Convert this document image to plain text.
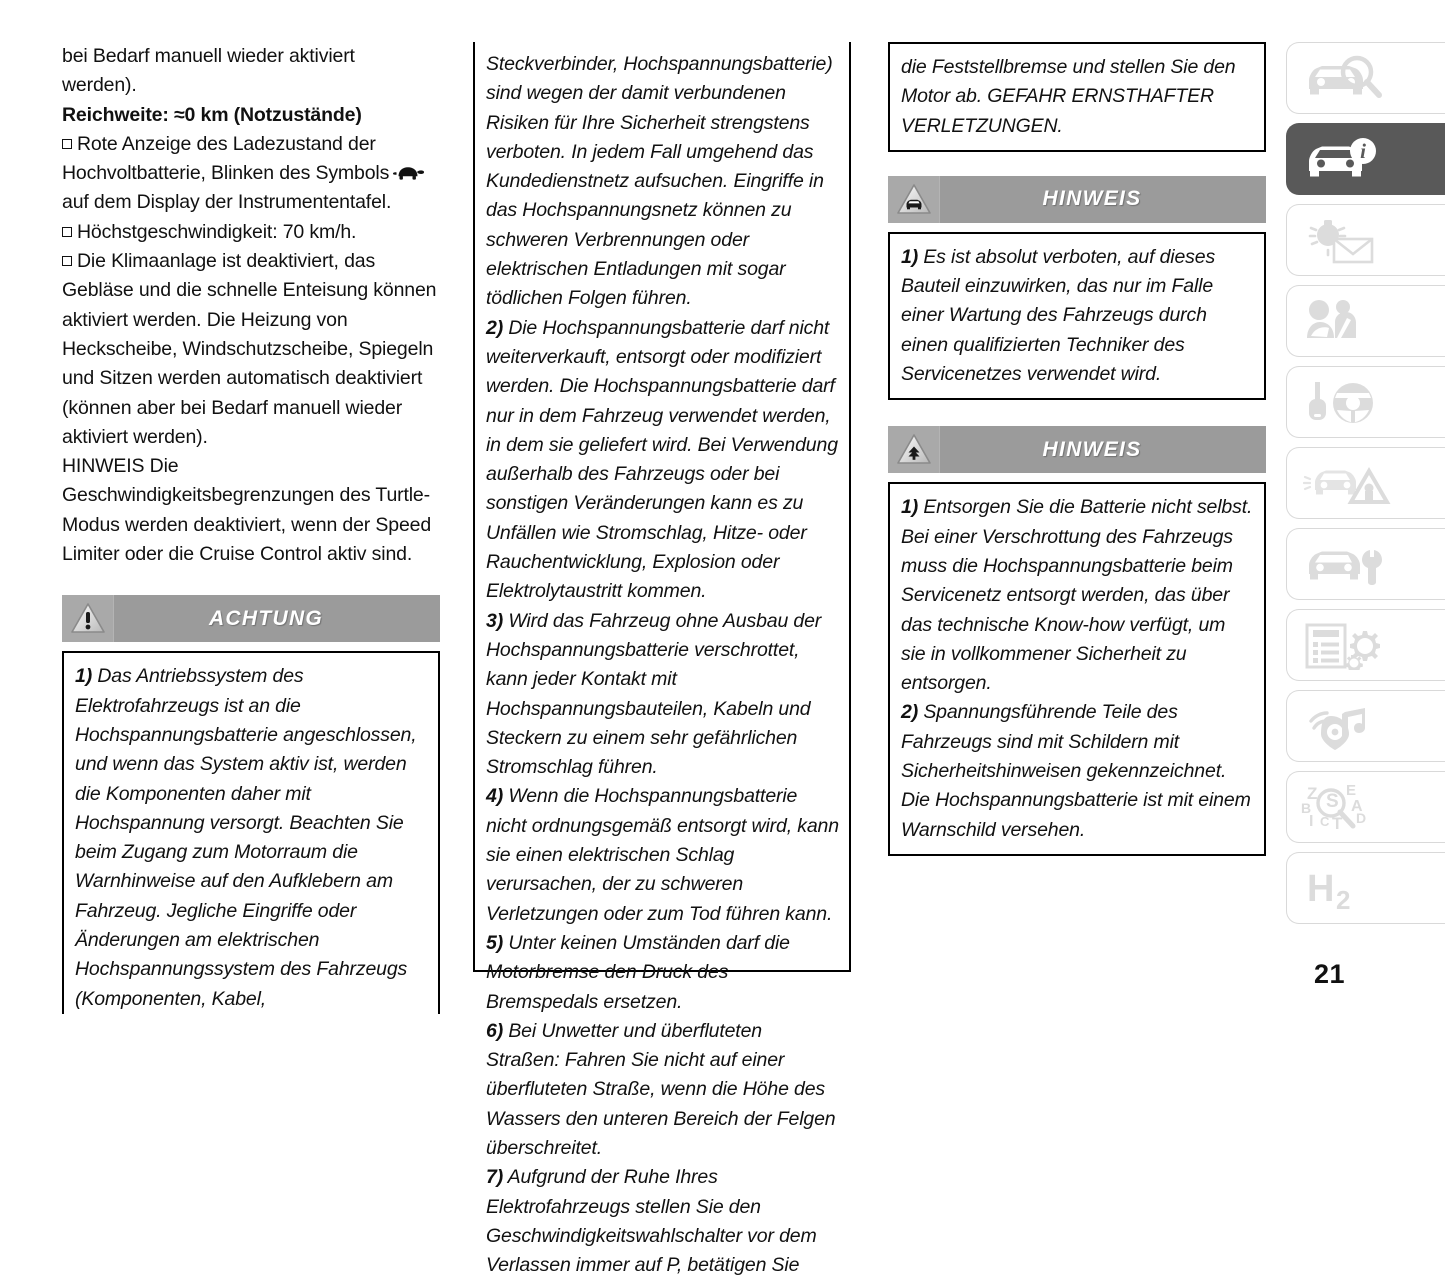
bei Bedarf manuell wieder aktiviert
werden).

Reichweite: ≈0 km (Notzustände)

Rote Anzeige des Ladezustand der Hochvoltbatterie, Blinken des Symbols auf dem Display der Instrumententafel.

Höchstgeschwindigkeit: 70 km/h.

Die Klimaanlage ist deaktiviert, das Gebläse und die schnelle Enteisung können aktiviert werden. Die Heizung von Heckscheibe, Windschutzscheibe, Spiegeln und Sitzen werden automatisch deaktiviert (können aber bei Bedarf manuell wieder aktiviert werden).

HINWEIS Die Geschwindigkeitsbegrenzungen des Turtle-Modus werden deaktiviert, wenn der Speed Limiter oder die Cruise Control aktiv sind.

ACHTUNG

1) Das Antriebssystem des Elektrofahrzeugs ist an die Hochspannungsbatterie angeschlossen, und wenn das System aktiv ist, werden die Komponenten daher mit Hochspannung versorgt. Beachten Sie beim Zugang zum Motorraum die Warnhinweise auf den Aufklebern am Fahrzeug. Jegliche Eingriffe oder Änderungen am elektrischen Hochspannungssystem des Fahrzeugs (Komponenten, Kabel,

Steckverbinder, Hochspannungsbatterie) sind wegen der damit verbundenen Risiken für Ihre Sicherheit strengstens verboten. In jedem Fall umgehend das Kundedienstnetz aufsuchen. Eingriffe in das Hochspannungsnetz können zu schweren Verbrennungen oder elektrischen Entladungen mit sogar tödlichen Folgen führen.

2) Die Hochspannungsbatterie darf nicht weiterverkauft, entsorgt oder modifiziert werden. Die Hochspannungsbatterie darf nur in dem Fahrzeug verwendet werden, in dem sie geliefert wird. Bei Verwendung außerhalb des Fahrzeugs oder bei sonstigen Veränderungen kann es zu Unfällen wie Stromschlag, Hitze- oder Rauchentwicklung, Explosion oder Elektrolytaustritt kommen.

3) Wird das Fahrzeug ohne Ausbau der Hochspannungsbatterie verschrottet, kann jeder Kontakt mit Hochspannungsbauteilen, Kabeln und Steckern zu einem sehr gefährlichen Stromschlag führen.

4) Wenn die Hochspannungsbatterie nicht ordnungsgemäß entsorgt wird, kann sie einen elektrischen Schlag verursachen, der zu schweren Verletzungen oder zum Tod führen kann.

5) Unter keinen Umständen darf die Motorbremse den Druck des Bremspedals ersetzen.

6) Bei Unwetter und überfluteten Straßen: Fahren Sie nicht auf einer überfluteten Straße, wenn die Höhe des Wassers den unteren Bereich der Felgen überschreitet.

7) Aufgrund der Ruhe Ihres Elektrofahrzeugs stellen Sie den Geschwindigkeitswahlschalter vor dem Verlassen immer auf P, betätigen Sie

die Feststellbremse und stellen Sie den Motor ab. GEFAHR ERNSTHAFTER VERLETZUNGEN.

HINWEIS

1) Es ist absolut verboten, auf dieses Bauteil einzuwirken, das nur im Falle einer Wartung des Fahrzeugs durch einen qualifizierten Techniker des Servicenetzes verwendet wird.

HINWEIS

1) Entsorgen Sie die Batterie nicht selbst. Bei einer Verschrottung des Fahrzeugs muss die Hochspannungsbatterie beim Servicenetz entsorgt werden, das über das technische Know-how verfügt, um sie in vollkommener Sicherheit zu entsorgen.

2) Spannungsführende Teile des Fahrzeugs sind mit Schildern mit Sicherheitshinweisen gekennzeichnet. Die Hochspannungsbatterie ist mit einem Warnschild versehen.

i
Z
B
I C T
E
A
D
S
H 2
21
